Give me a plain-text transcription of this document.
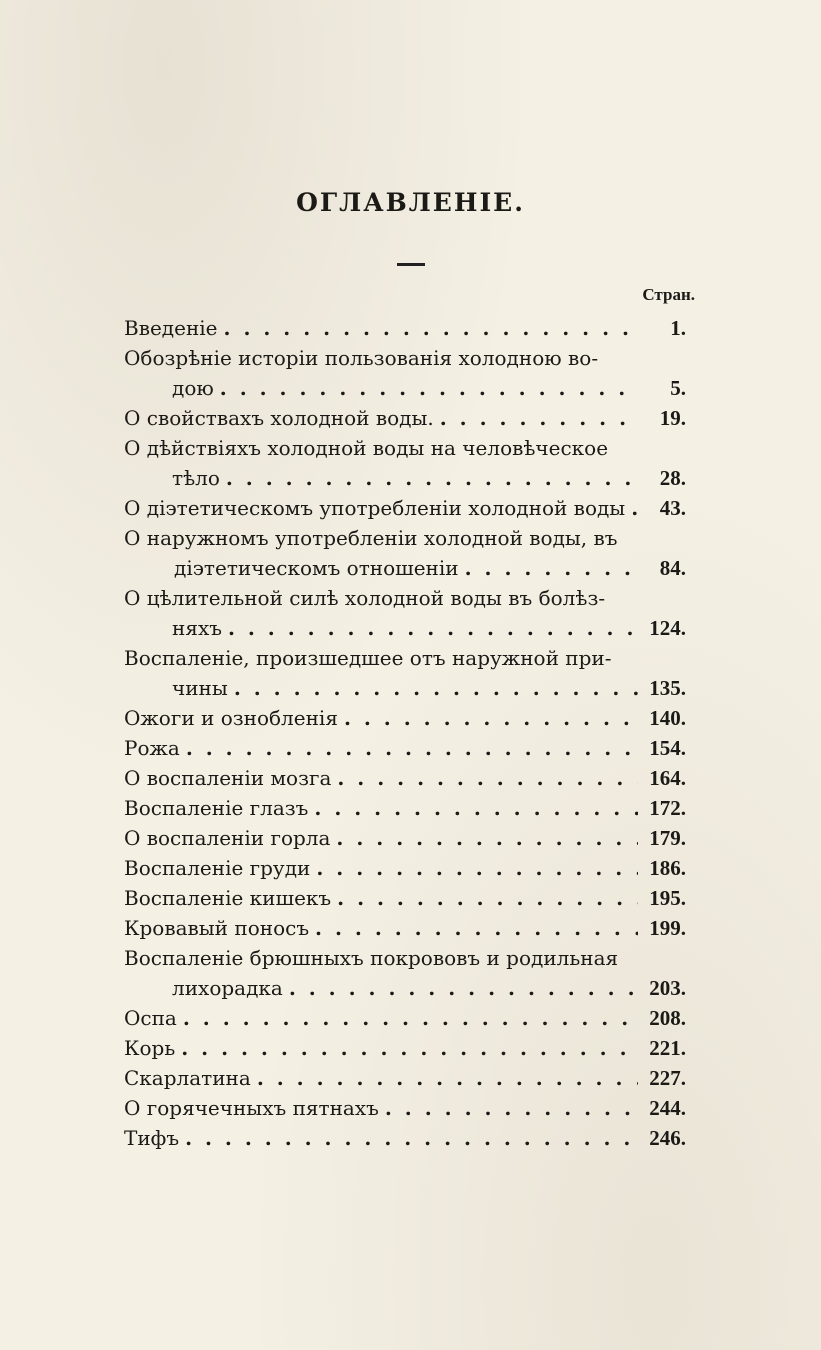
ОГЛАВЛЕНIЕ.
Стран.
Введенiе . . .	1.
Обозрѣнiе исторiи пользованiя холодною во-
дою . . .	5.
О свойствахъ холодной воды. . . .	19.
О дѣйствiяхъ холодной воды на человѣческое
тѣло . . .	28.
О дiэтетическомъ употребленiи холодной воды . . .	43.
О наружномъ употребленiи холодной воды, въ
дiэтетическомъ отношенiи . . .	84.
О цѣлительной силѣ холодной воды въ болѣз-
няхъ . . .	124.
Воспаленiе, произшедшее отъ наружной при-
чины . . .	135.
Ожоги и ознобленiя . . .	140.
Рожа . . .	154.
О воспаленiи мозга . . .	164.
Воспаленiе глазъ . . .	172.
О воспаленiи горла . . .	179.
Воспаленiе груди . . .	186.
Воспаленiе кишекъ . . .	195.
Кровавый поносъ . . .	199.
Воспаленiе брюшныхъ покрововъ и родильная
лихорадка . . .	203.
Оспа . . .	208.
Корь . . .	221.
Скарлатина . . .	227.
О горячечныхъ пятнахъ . . .	244.
Тифъ . . .	246.
